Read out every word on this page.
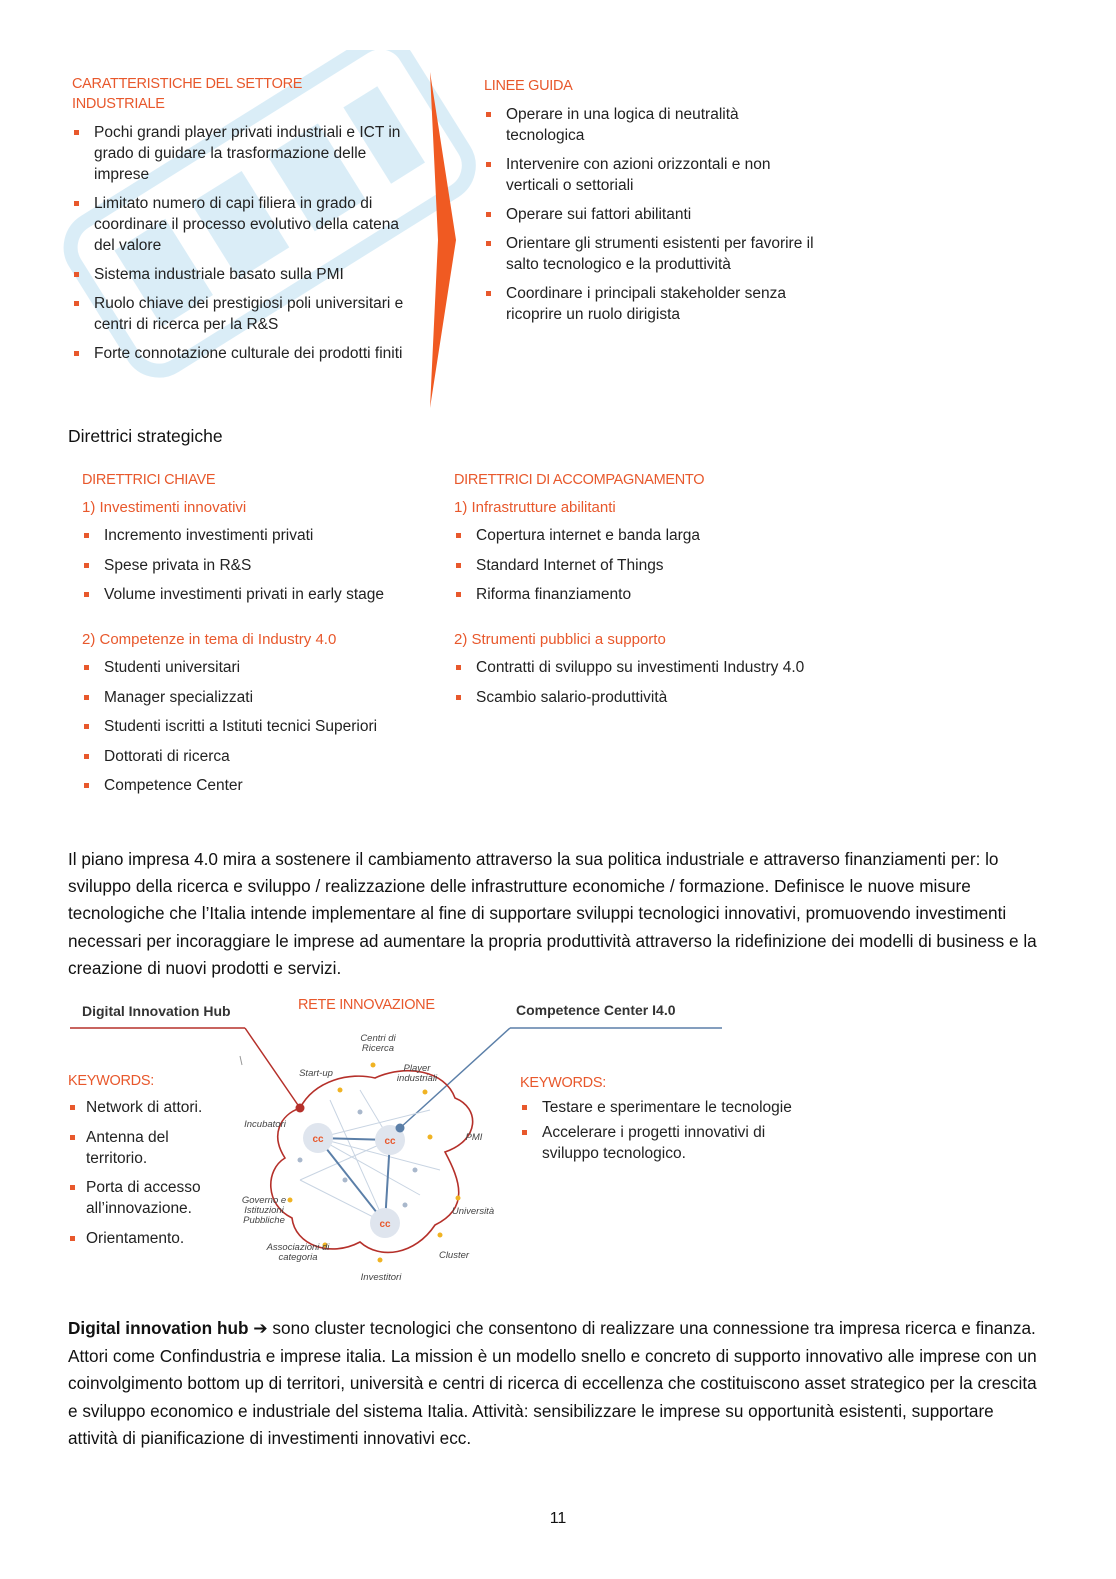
CARATTERISTICHE DEL SETTORE INDUSTRIALE
Pochi grandi player privati industriali e ICT in grado di guidare la trasformazione delle imprese
Limitato numero di capi filiera in grado di coordinare il processo evolutivo della catena del valore
Sistema industriale basato sulla PMI
Ruolo chiave dei prestigiosi poli universitari e centri di ricerca per la R&S
Forte connotazione culturale dei prodotti finiti
LINEE GUIDA
Operare in una logica di neutralità tecnologica
Intervenire con azioni orizzontali e non verticali o settoriali
Operare sui fattori abilitanti
Orientare gli strumenti esistenti per favorire il salto tecnologico e la produttività
Coordinare i principali stakeholder senza ricoprire un ruolo dirigista
Direttrici strategiche
DIRETTRICI CHIAVE
1) Investimenti innovativi
Incremento investimenti privati
Spese privata in R&S
Volume investimenti privati in early stage
2) Competenze in tema di Industry 4.0
Studenti universitari
Manager specializzati
Studenti iscritti a Istituti tecnici Superiori
Dottorati di ricerca
Competence Center
DIRETTRICI DI ACCOMPAGNAMENTO
1) Infrastrutture abilitanti
Copertura internet e banda larga
Standard Internet of Things
Riforma finanziamento
2) Strumenti pubblici a supporto
Contratti di sviluppo su investimenti Industry 4.0
Scambio salario-produttività
Il piano impresa 4.0 mira a sostenere il cambiamento attraverso la sua politica industriale e attraverso finanziamenti per: lo sviluppo della ricerca e sviluppo / realizzazione delle infrastrutture economiche / formazione. Definisce le nuove misure tecnologiche che l’Italia intende implementare al fine di supportare sviluppi tecnologici innovativi, promuovendo investimenti necessari per incoraggiare le imprese ad aumentare la propria produttività attraverso la ridefinizione dei modelli di business e la creazione di nuovi prodotti e servizi.
Digital Innovation Hub	RETE INNOVAZIONE	Competence Center I4.0
cc	cc
cc
Centri di Ricerca
Player industriali
Start-up
Incubatori
PMI
Governo e Istituzioni Pubbliche
Università
Associazioni di categoria	Cluster
Investitori
KEYWORDS:
Network di attori.
Antenna del territorio.
Porta di accesso all’innovazione.
Orientamento.
KEYWORDS:
Testare e sperimentare le tecnologie
Accelerare i progetti innovativi di sviluppo tecnologico.
Digital innovation hub ➔ sono cluster tecnologici che consentono di realizzare una connessione tra impresa ricerca e finanza. Attori come Confindustria e imprese italia. La mission è un modello snello e concreto di supporto innovativo alle imprese con un coinvolgimento bottom up di territori, università e centri di ricerca di eccellenza che costituiscono asset strategico per la crescita e sviluppo economico e industriale del sistema Italia. Attività: sensibilizzare le imprese su opportunità esistenti, supportare attività di pianificazione di investimenti innovativi ecc.
11
